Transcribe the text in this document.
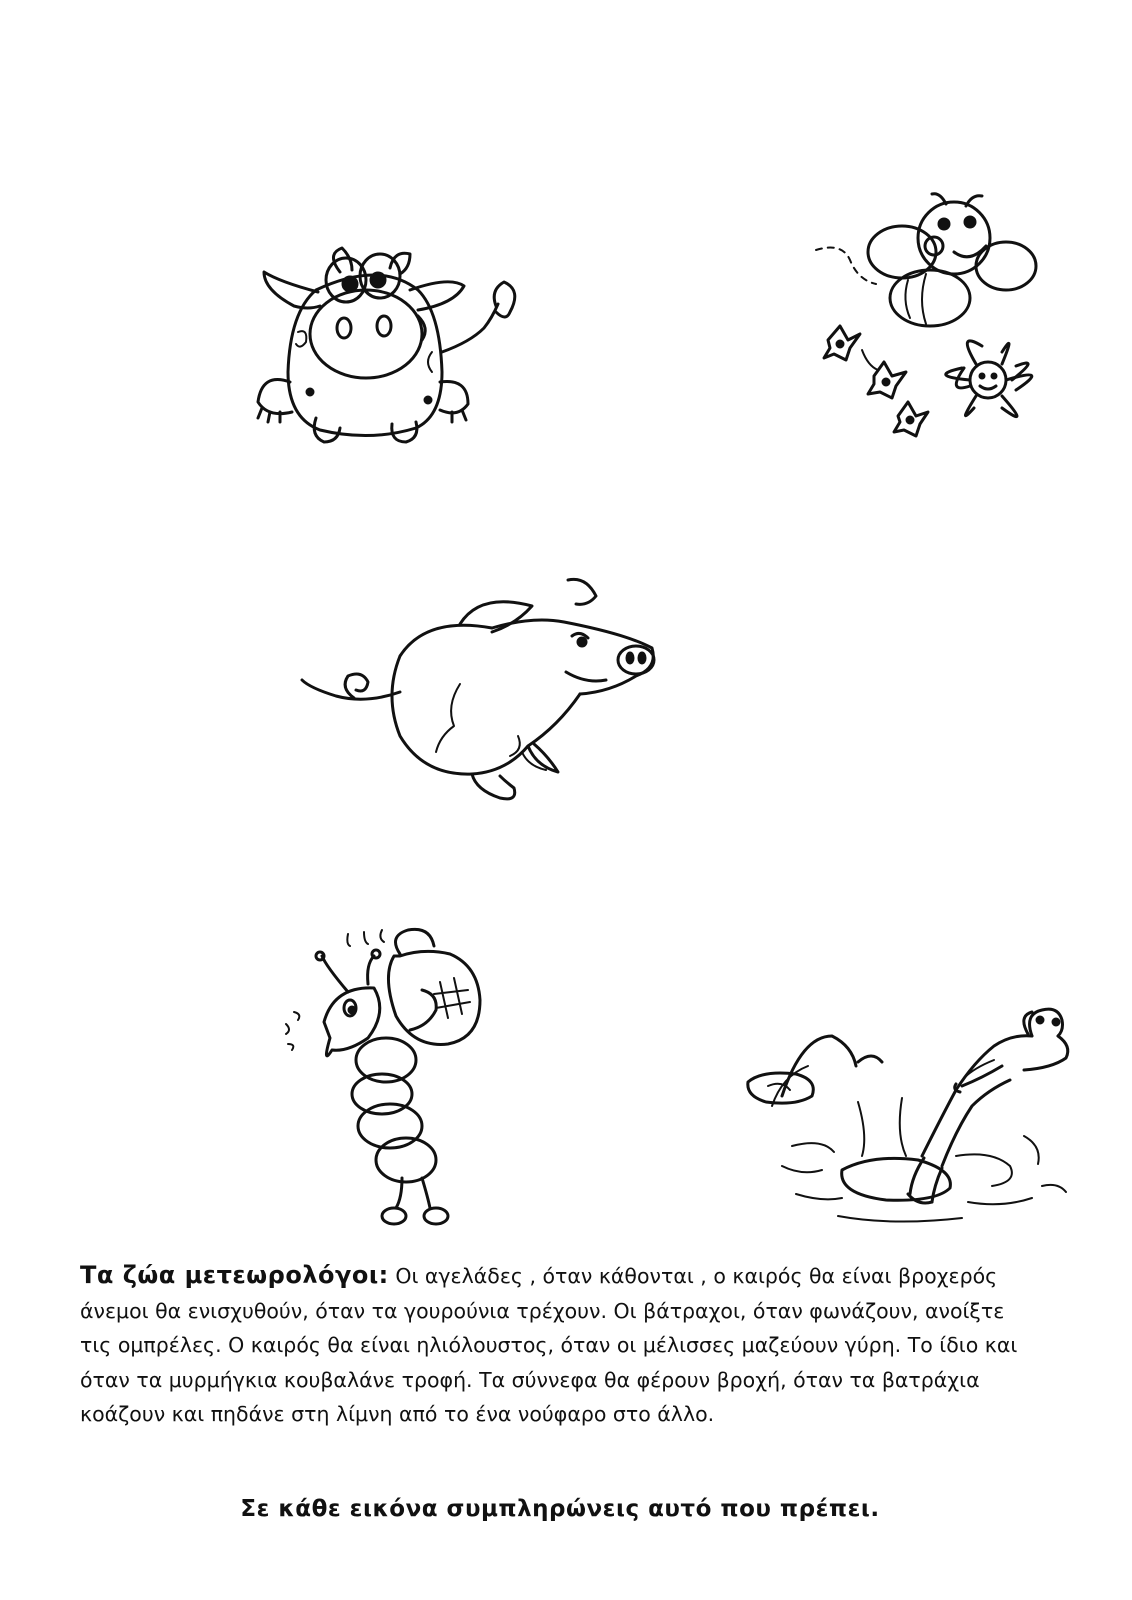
Τα ζώα μετεωρολόγοι: Οι αγελάδες , όταν κάθονται , ο καιρός θα είναι βροχερός άνεμοι θα ενισχυθούν, όταν τα γουρούνια τρέχουν. Οι βάτραχοι, όταν φωνάζουν, ανοίξτε τις ομπρέλες. Ο καιρός θα είναι ηλιόλουστος, όταν οι μέλισσες μαζεύουν γύρη. Το ίδιο και όταν τα μυρμήγκια κουβαλάνε τροφή. Τα σύννεφα θα φέρουν βροχή, όταν τα βατράχια κοάζουν και πηδάνε στη λίμνη από το ένα νούφαρο στο άλλο.
Σε κάθε εικόνα συμπληρώνεις αυτό που πρέπει.
